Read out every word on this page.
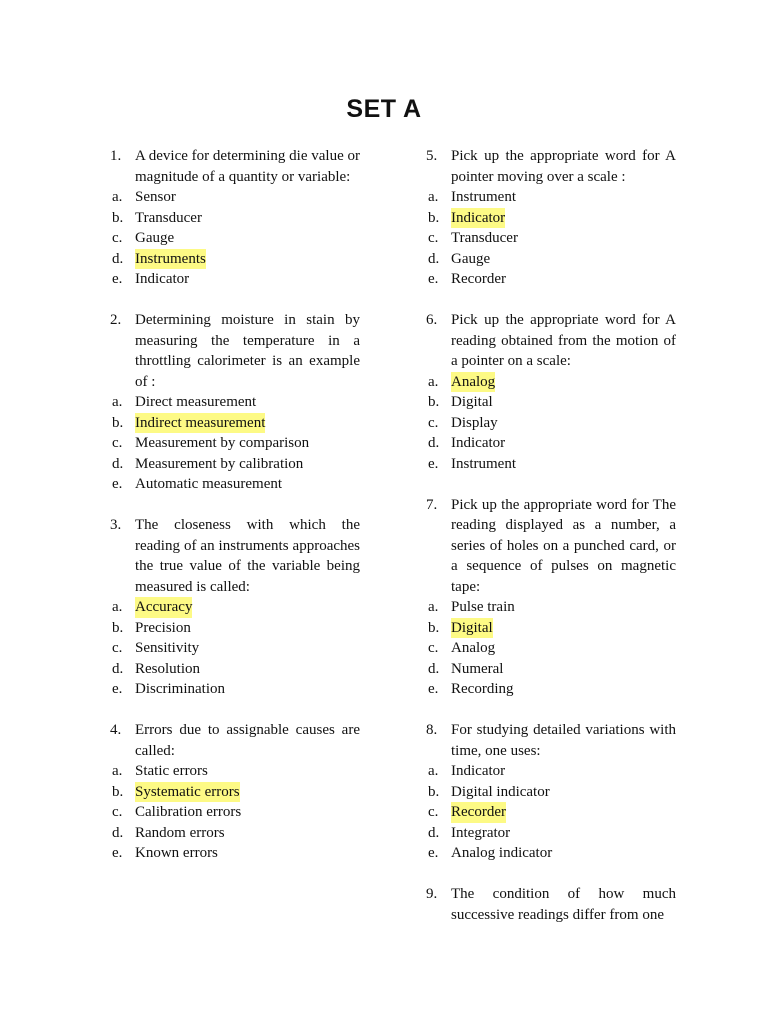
SET A
1. A device for determining die value or magnitude of a quantity or variable:
a. Sensor
b. Transducer
c. Gauge
d. Instruments
e. Indicator
2. Determining moisture in stain by measuring the temperature in a throttling calorimeter is an example of :
a. Direct measurement
b. Indirect measurement
c. Measurement by comparison
d. Measurement by calibration
e. Automatic measurement
3. The closeness with which the reading of an instruments approaches the true value of the variable being measured is called:
a. Accuracy
b. Precision
c. Sensitivity
d. Resolution
e. Discrimination
4. Errors due to assignable causes are called:
a. Static errors
b. Systematic errors
c. Calibration errors
d. Random errors
e. Known errors
5. Pick up the appropriate word for A pointer moving over a scale :
a. Instrument
b. Indicator
c. Transducer
d. Gauge
e. Recorder
6. Pick up the appropriate word for A reading obtained from the motion of a pointer on a scale:
a. Analog
b. Digital
c. Display
d. Indicator
e. Instrument
7. Pick up the appropriate word for The reading displayed as a number, a series of holes on a punched card, or a sequence of pulses on magnetic tape:
a. Pulse train
b. Digital
c. Analog
d. Numeral
e. Recording
8. For studying detailed variations with time, one uses:
a. Indicator
b. Digital indicator
c. Recorder
d. Integrator
e. Analog indicator
9. The condition of how much successive readings differ from one
